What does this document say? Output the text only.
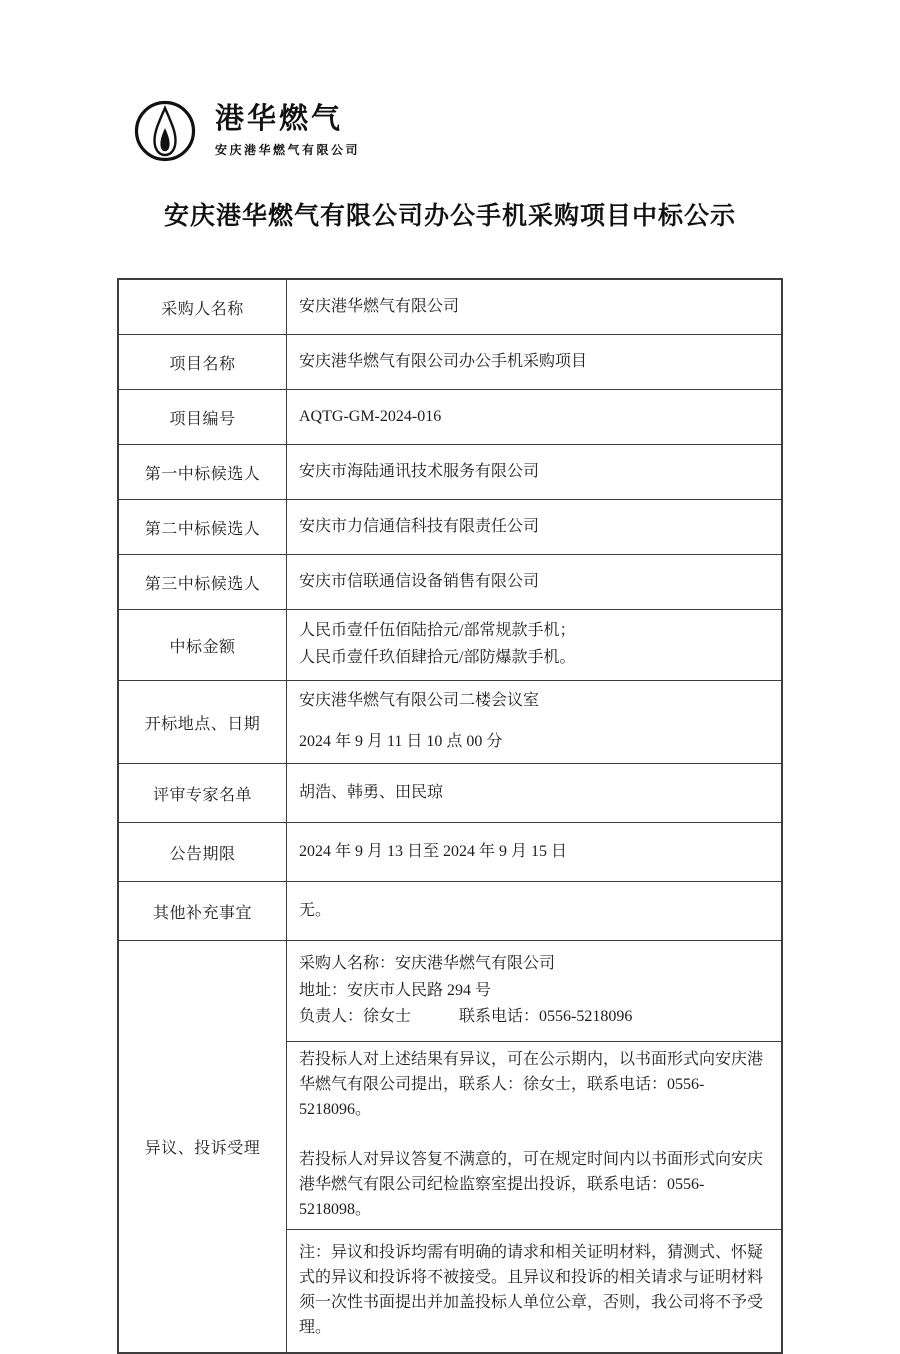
港华燃气
安庆港华燃气有限公司
安庆港华燃气有限公司办公手机采购项目中标公示
采购人名称	安庆港华燃气有限公司
项目名称	安庆港华燃气有限公司办公手机采购项目
项目编号	AQTG-GM-2024-016
第一中标候选人	安庆市海陆通讯技术服务有限公司
第二中标候选人	安庆市力信通信科技有限责任公司
第三中标候选人	安庆市信联通信设备销售有限公司
中标金额	人民币壹仟伍佰陆拾元/部常规款手机；
人民币壹仟玖佰肆拾元/部防爆款手机。

开标地点、日期	安庆港华燃气有限公司二楼会议室
2024 年 9 月 11 日 10 点 00 分

评审专家名单	胡浩、韩勇、田民琼
公告期限	2024 年 9 月 13 日至 2024 年 9 月 15 日
其他补充事宜	无。
异议、投诉受理	采购人名称：安庆港华燃气有限公司
地址：安庆市人民路 294 号
负责人：徐女士　　　联系电话：0556-5218096

	若投标人对上述结果有异议，可在公示期内，以书面形式向安庆港华燃气有限公司提出，联系人：徐女士，联系电话：0556-5218096。

若投标人对异议答复不满意的，可在规定时间内以书面形式向安庆港华燃气有限公司纪检监察室提出投诉，联系电话：0556-5218098。

	注：异议和投诉均需有明确的请求和相关证明材料，猜测式、怀疑式的异议和投诉将不被接受。且异议和投诉的相关请求与证明材料须一次性书面提出并加盖投标人单位公章，否则，我公司将不予受理。
